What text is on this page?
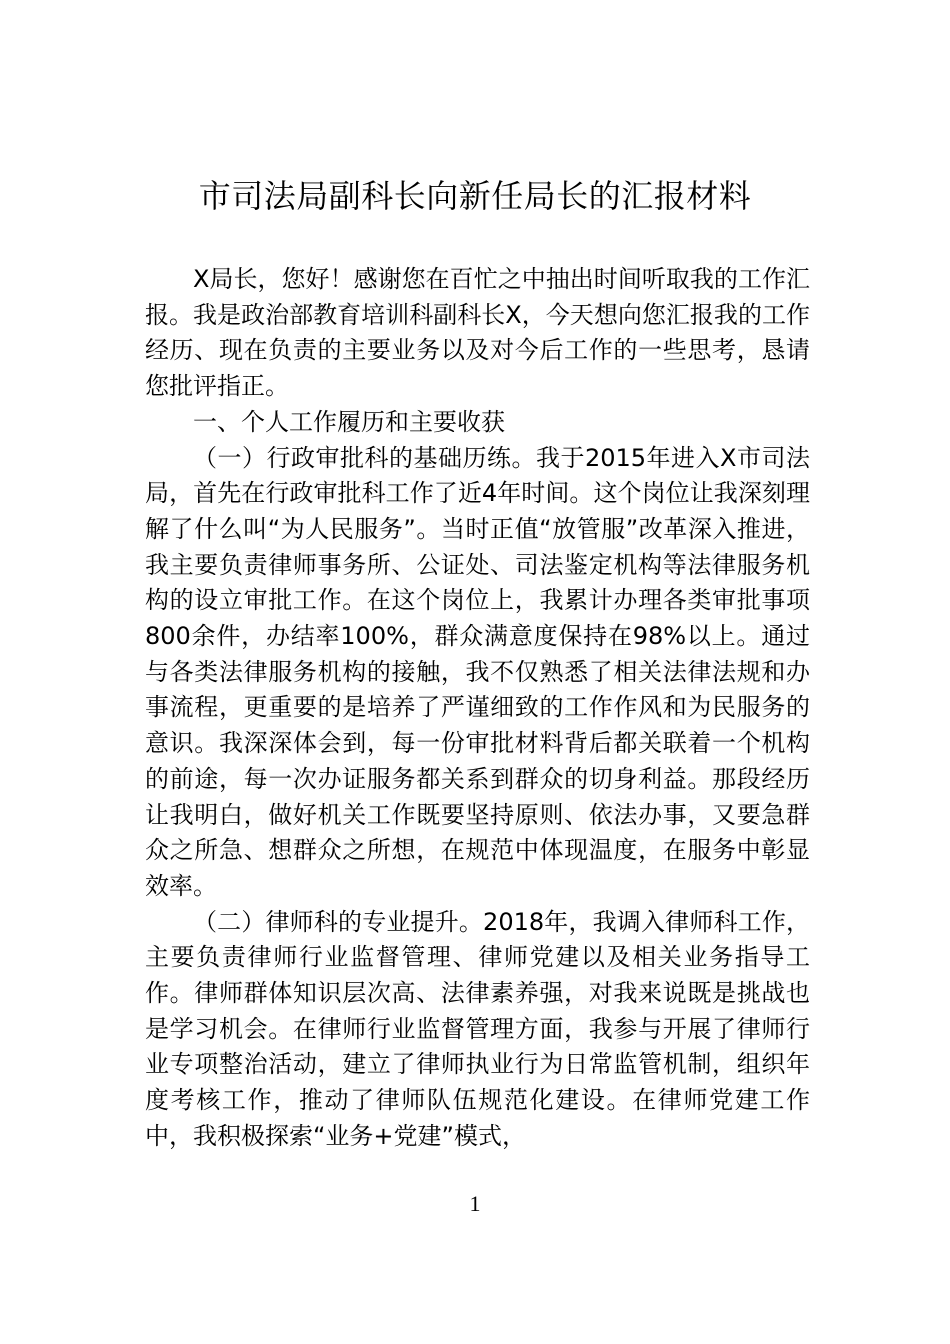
市司法局副科长向新任局长的汇报材料

X局长，您好！感谢您在百忙之中抽出时间听取我的工作汇报。我是政治部教育培训科副科长X，今天想向您汇报我的工作经历、现在负责的主要业务以及对今后工作的一些思考，恳请您批评指正。

一、个人工作履历和主要收获

（一）行政审批科的基础历练。我于2015年进入X市司法局，首先在行政审批科工作了近4年时间。这个岗位让我深刻理解了什么叫“为人民服务”。当时正值“放管服”改革深入推进，我主要负责律师事务所、公证处、司法鉴定机构等法律服务机构的设立审批工作。在这个岗位上，我累计办理各类审批事项800余件，办结率100%，群众满意度保持在98%以上。通过与各类法律服务机构的接触，我不仅熟悉了相关法律法规和办事流程，更重要的是培养了严谨细致的工作作风和为民服务的意识。我深深体会到，每一份审批材料背后都关联着一个机构的前途，每一次办证服务都关系到群众的切身利益。那段经历让我明白，做好机关工作既要坚持原则、依法办事，又要急群众之所急、想群众之所想，在规范中体现温度，在服务中彰显效率。

（二）律师科的专业提升。2018年，我调入律师科工作，主要负责律师行业监督管理、律师党建以及相关业务指导工作。律师群体知识层次高、法律素养强，对我来说既是挑战也是学习机会。在律师行业监督管理方面，我参与开展了律师行业专项整治活动，建立了律师执业行为日常监管机制，组织年度考核工作，推动了律师队伍规范化建设。在律师党建工作中，我积极探索“业务+党建”模式，

1
